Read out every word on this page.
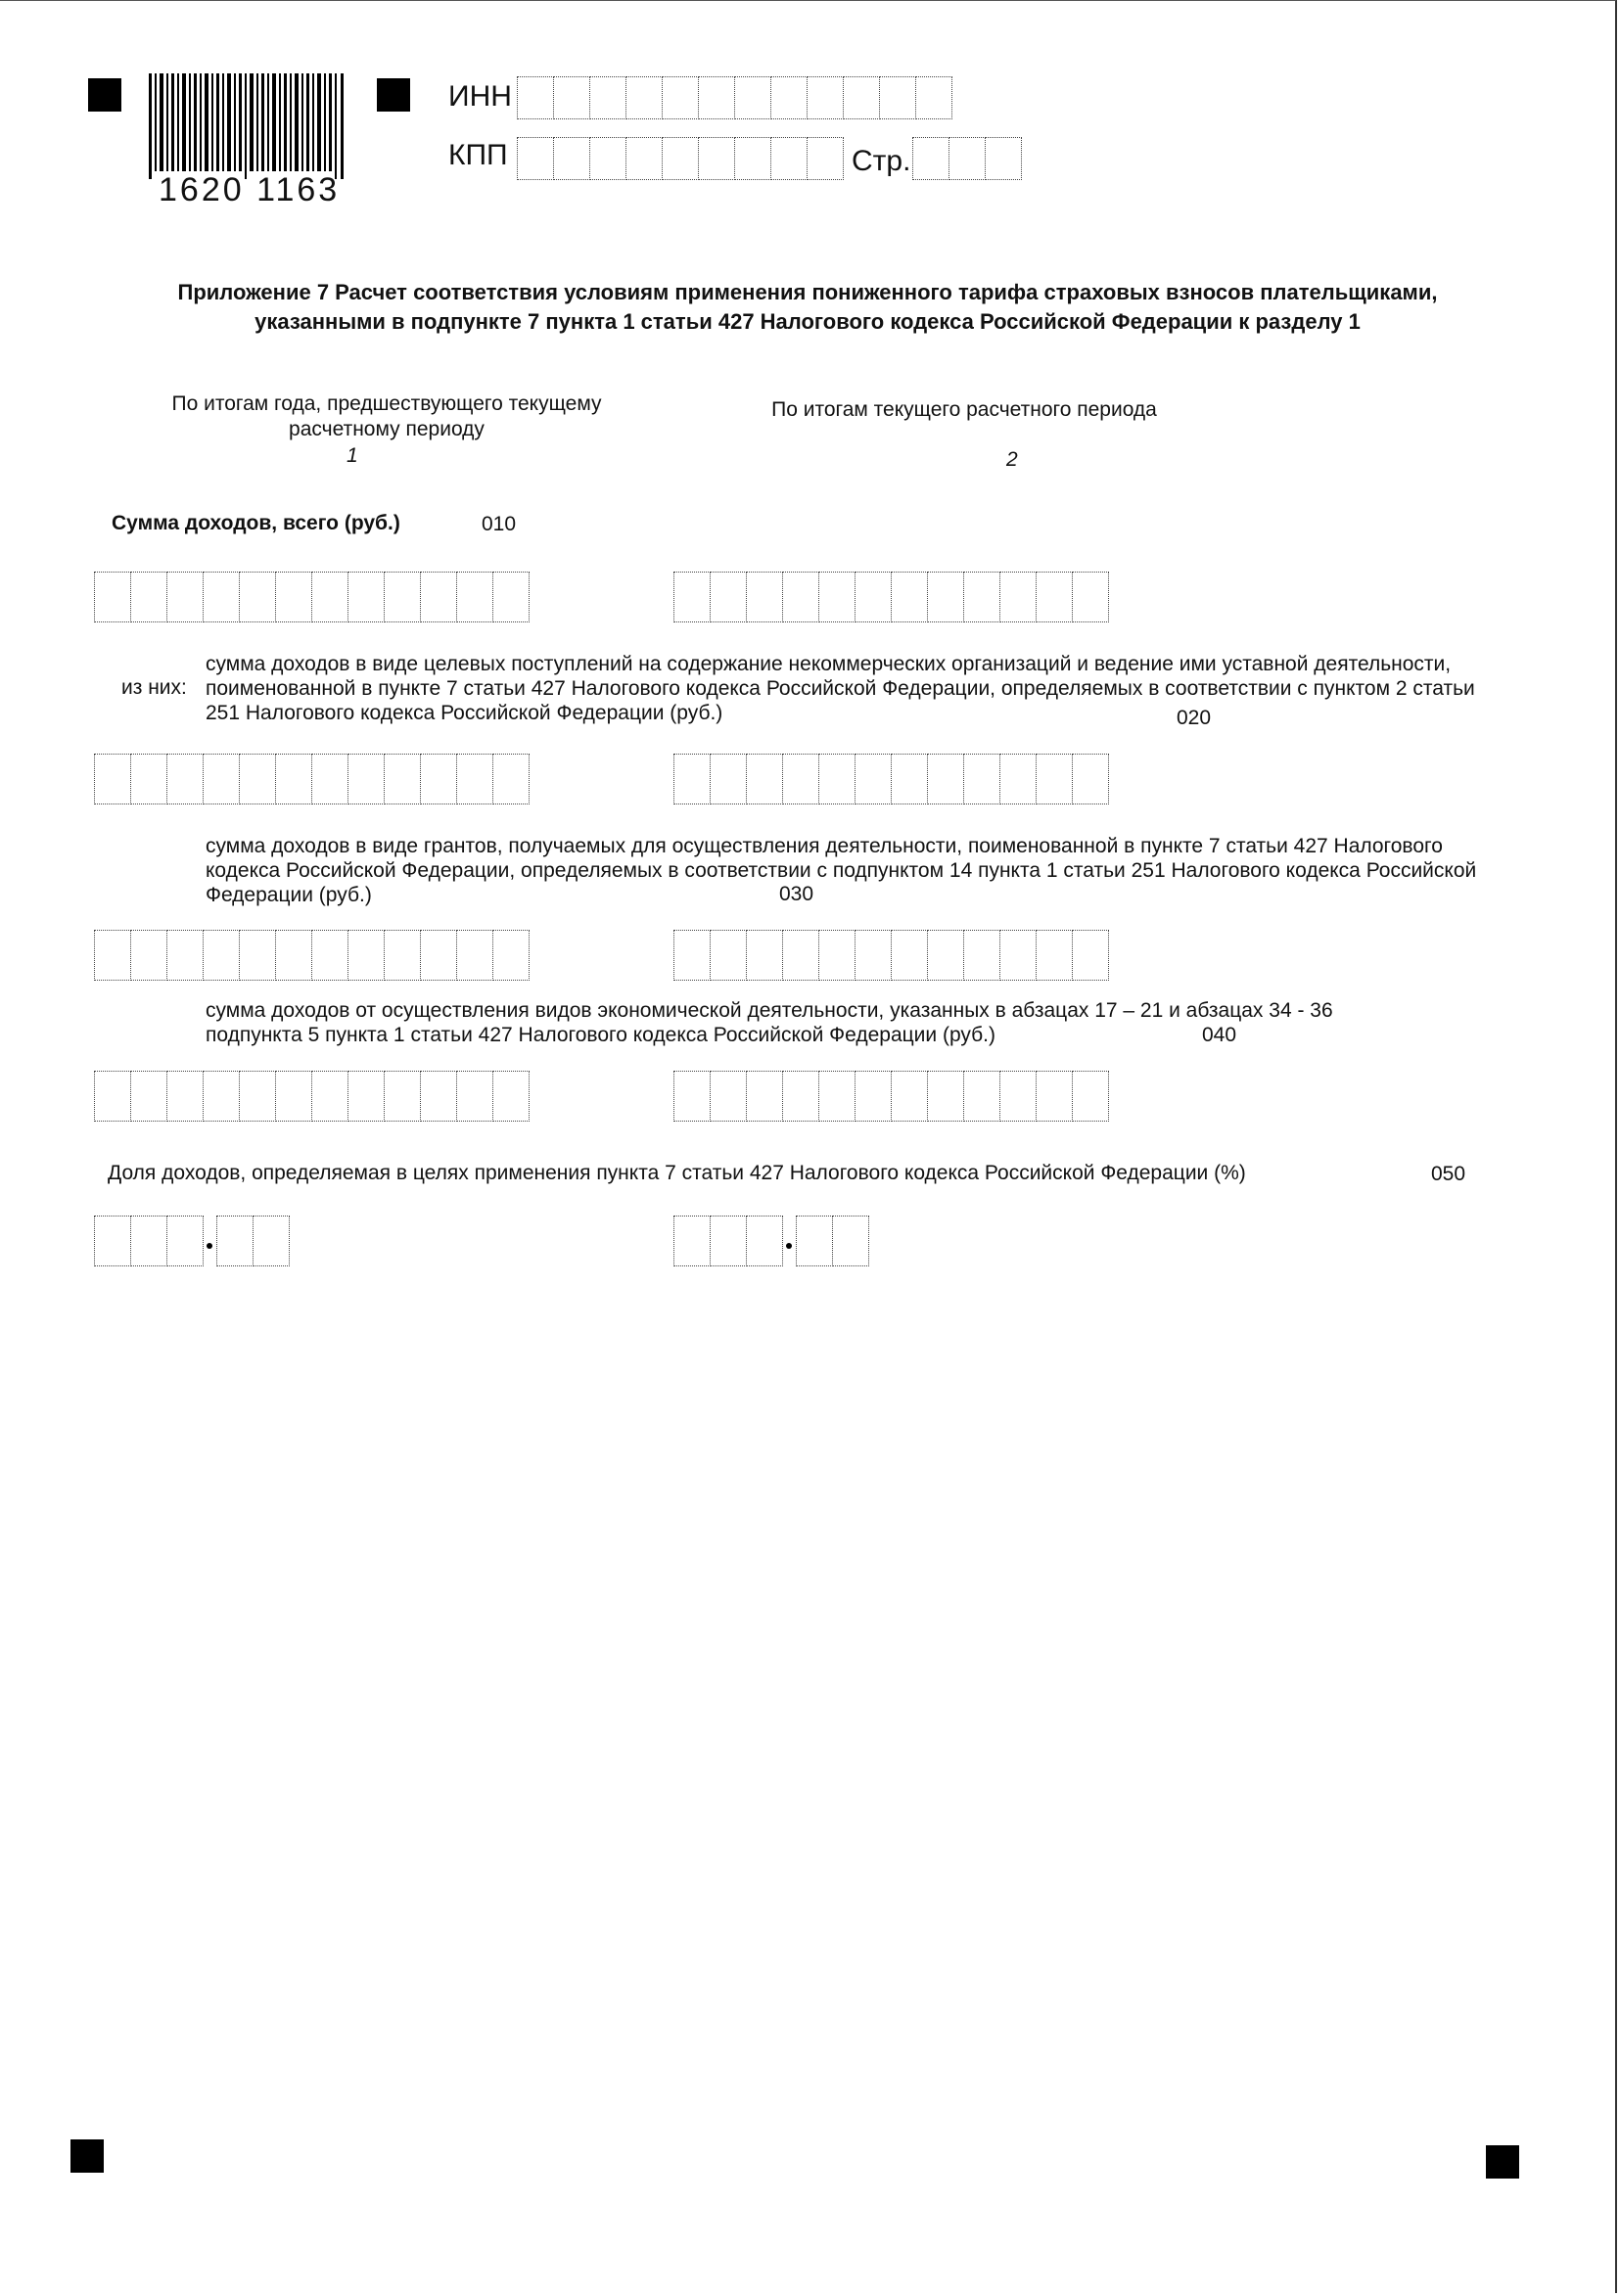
1620 1163
ИНН
КПП	Стр.
Приложение 7 Расчет соответствия условиям применения пониженного тарифа страховых взносов плательщиками, указанными в подпункте 7 пункта 1 статьи 427 Налогового кодекса Российской Федерации к разделу 1
По итогам года, предшествующего текущему расчетному периоду
1
По итогам текущего расчетного периода
2
Сумма доходов, всего (руб.)	010
из них:
сумма доходов в виде целевых поступлений на содержание некоммерческих организаций и ведение ими уставной деятельности, поименованной в пункте 7 статьи 427 Налогового кодекса Российской Федерации, определяемых в соответствии с пунктом 2 статьи 251 Налогового кодекса Российской Федерации (руб.)	020
сумма доходов в виде грантов, получаемых для осуществления деятельности, поименованной в пункте 7 статьи 427 Налогового кодекса Российской Федерации, определяемых в соответствии с подпунктом 14 пункта 1 статьи 251 Налогового кодекса Российской Федерации (руб.)	030
сумма доходов от осуществления видов экономической деятельности, указанных в абзацах 17 – 21 и абзацах 34 - 36 подпункта 5 пункта 1 статьи 427 Налогового кодекса Российской Федерации (руб.)	040
Доля доходов, определяемая в целях применения пункта 7 статьи 427 Налогового кодекса Российской Федерации (%)	050
